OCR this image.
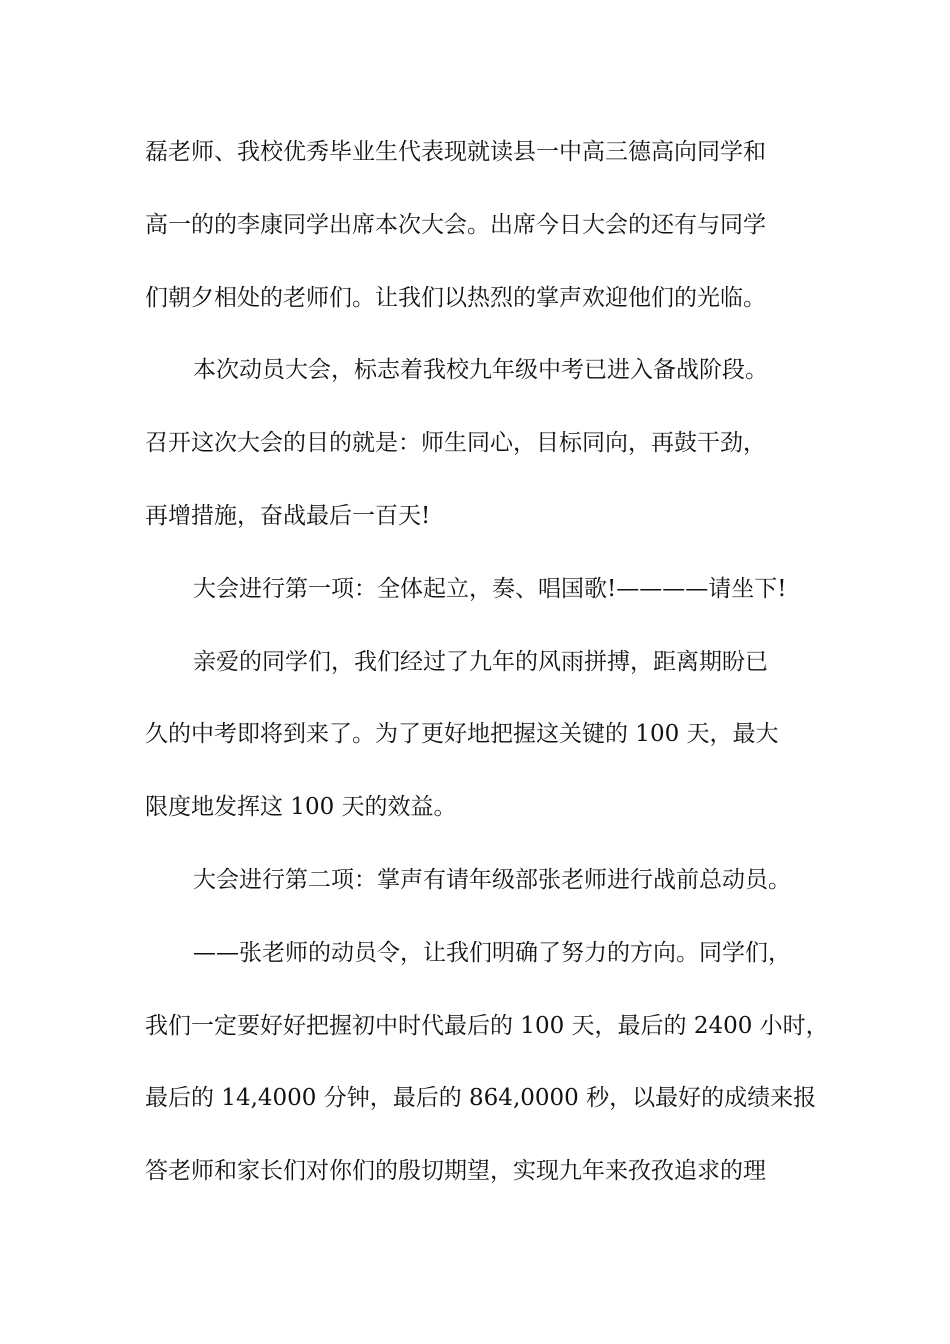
磊老师、我校优秀毕业生代表现就读县一中高三德高向同学和
高一的的李康同学出席本次大会。出席今日大会的还有与同学
们朝夕相处的老师们。让我们以热烈的掌声欢迎他们的光临。
本次动员大会，标志着我校九年级中考已进入备战阶段。
召开这次大会的目的就是：师生同心，目标同向，再鼓干劲，
再增措施，奋战最后一百天!
大会进行第一项：全体起立，奏、唱国歌!————请坐下!
亲爱的同学们，我们经过了九年的风雨拼搏，距离期盼已
久的中考即将到来了。为了更好地把握这关键的 100 天，最大
限度地发挥这 100 天的效益。
大会进行第二项：掌声有请年级部张老师进行战前总动员。
——张老师的动员令，让我们明确了努力的方向。同学们，
我们一定要好好把握初中时代最后的 100 天，最后的 2400 小时，
最后的 14,4000 分钟，最后的 864,0000 秒，以最好的成绩来报
答老师和家长们对你们的殷切期望，实现九年来孜孜追求的理
